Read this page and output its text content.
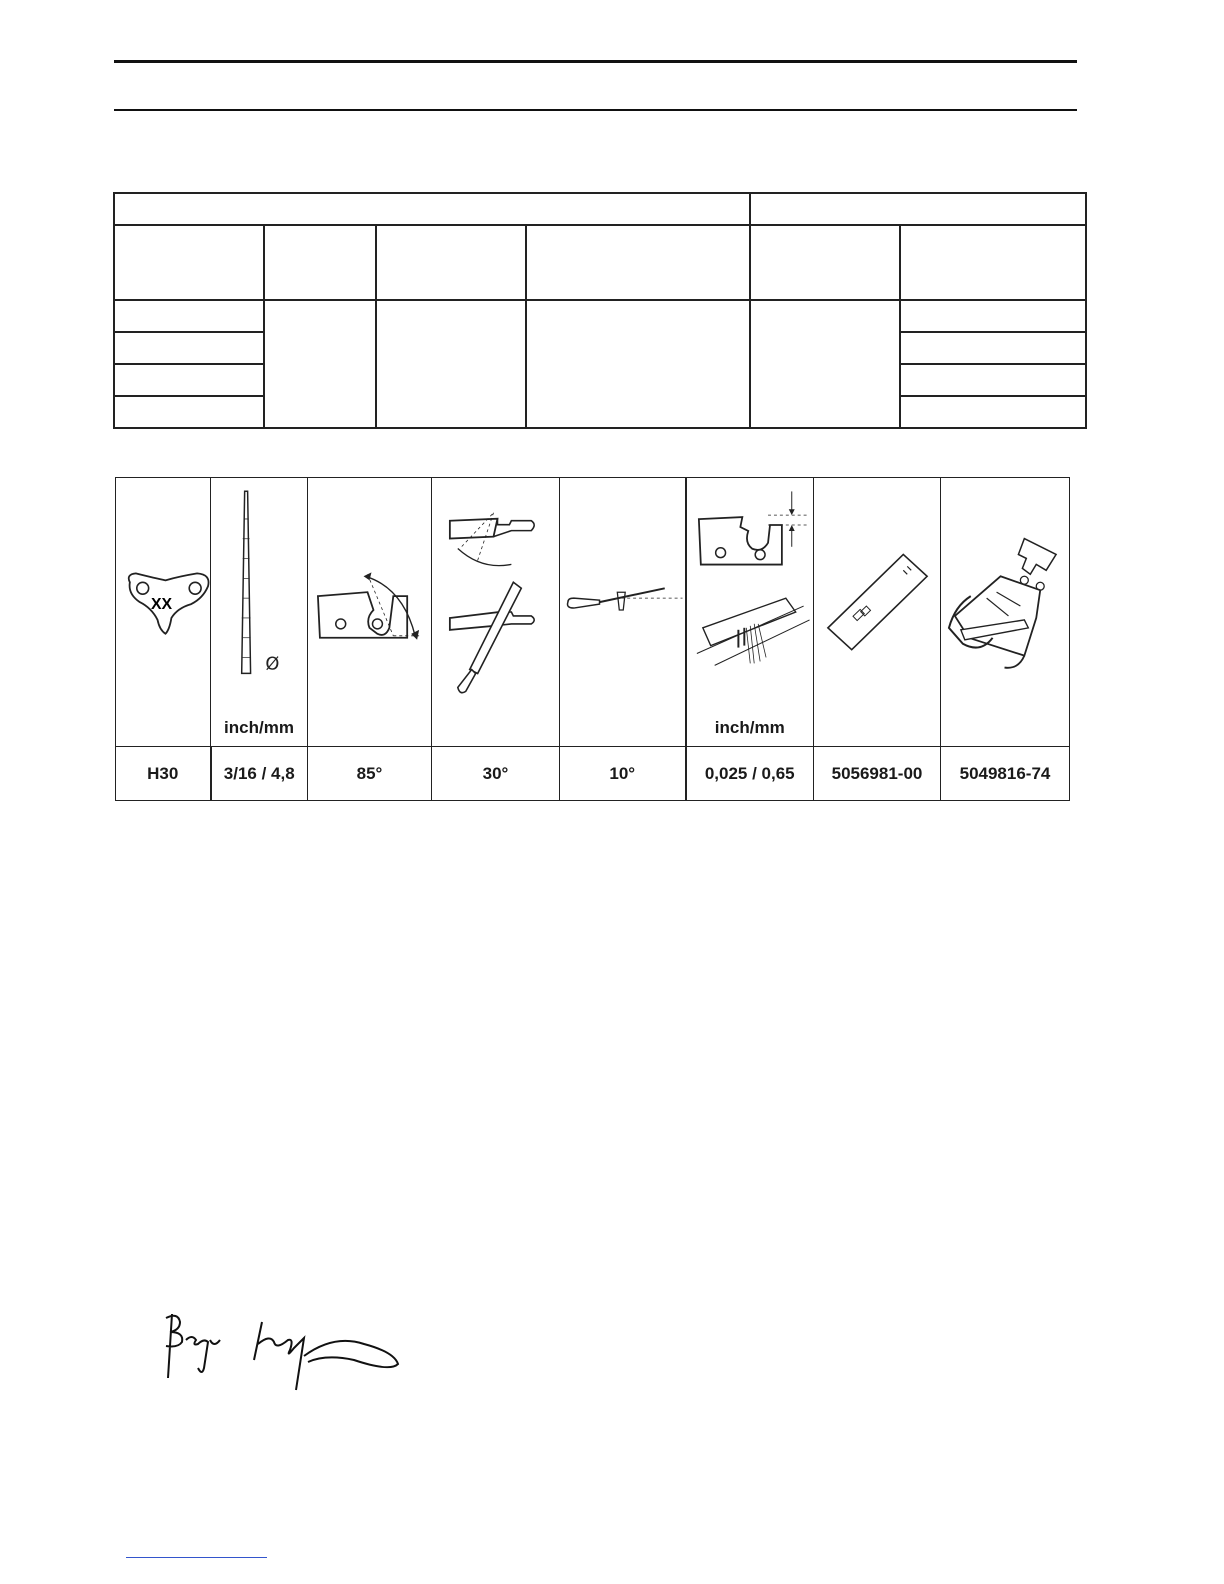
XX	Ø
inch/mm				inch/mm

H30	3/16 / 4,8	85°	30°	10°	0,025 / 0,65	5056981-00	5049816-74
